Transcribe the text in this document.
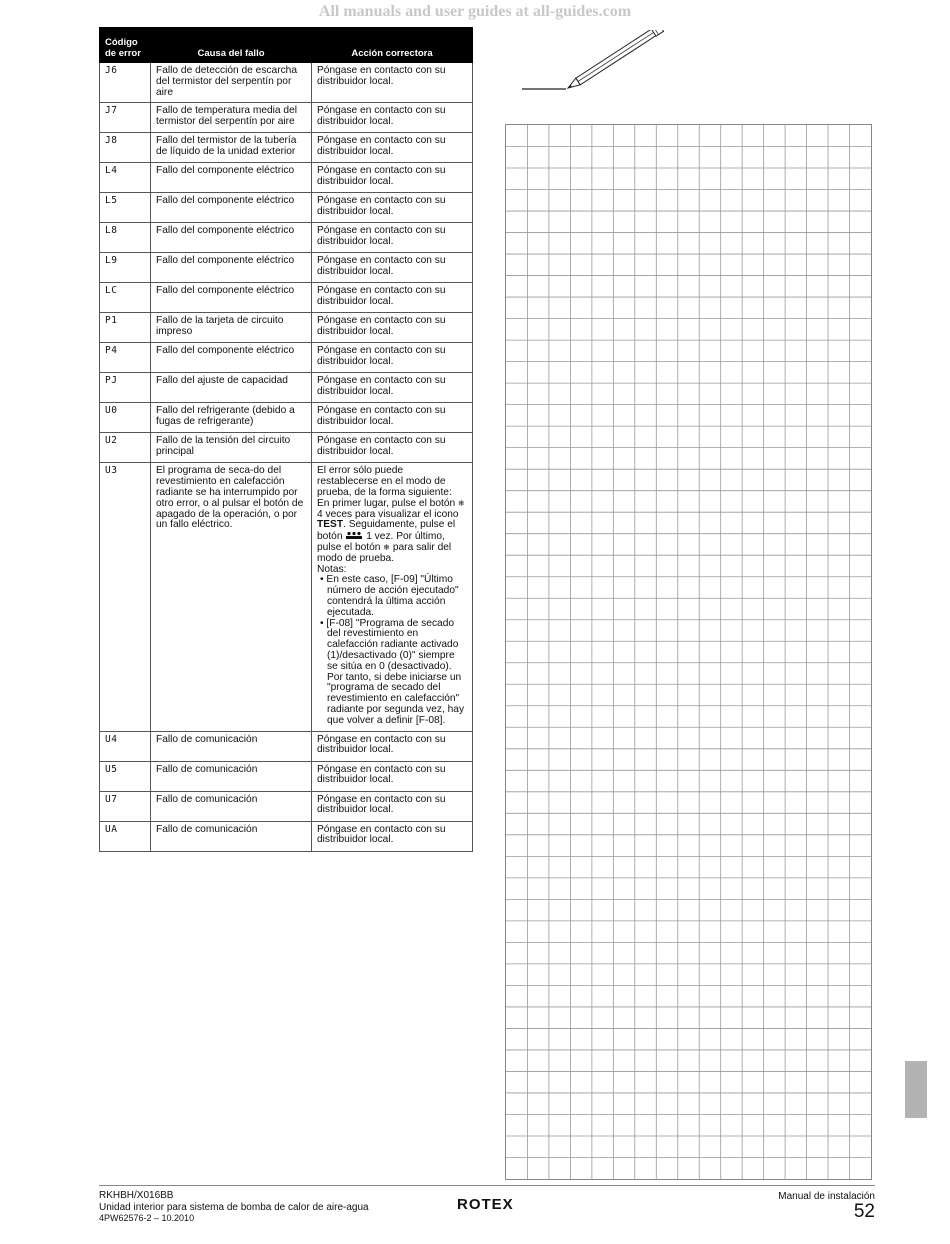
All manuals and user guides at all-guides.com
Código
de error	Causa del fallo	Acción correctora
J6	Fallo de detección de escarcha del termistor del serpentín por aire	Póngase en contacto con su distribuidor local.
J7	Fallo de temperatura media del termistor del serpentín por aire	Póngase en contacto con su distribuidor local.
J8	Fallo del termistor de la tubería de líquido de la unidad exterior	Póngase en contacto con su distribuidor local.
L4	Fallo del componente eléctrico	Póngase en contacto con su distribuidor local.
L5	Fallo del componente eléctrico	Póngase en contacto con su distribuidor local.
L8	Fallo del componente eléctrico	Póngase en contacto con su distribuidor local.
L9	Fallo del componente eléctrico	Póngase en contacto con su distribuidor local.
LC	Fallo del componente eléctrico	Póngase en contacto con su distribuidor local.
P1	Fallo de la tarjeta de circuito impreso	Póngase en contacto con su distribuidor local.
P4	Fallo del componente eléctrico	Póngase en contacto con su distribuidor local.
PJ	Fallo del ajuste de capacidad	Póngase en contacto con su distribuidor local.
U0	Fallo del refrigerante (debido a fugas de refrigerante)	Póngase en contacto con su distribuidor local.
U2	Fallo de la tensión del circuito principal	Póngase en contacto con su distribuidor local.
U3	El programa de seca-do del revestimiento en calefacción radiante se ha interrumpido por otro error, o al pulsar el botón de apagado de la operación, o por un fallo eléctrico.	El error sólo puede restablecerse en el modo de prueba, de la forma siguiente: En primer lugar, pulse el botón ❄ 4 veces para visualizar el icono TEST. Seguidamente, pulse el botón 1 vez. Por último, pulse el botón ❄ para salir del modo de prueba.
Notas:
• En este caso, [F-09] "Último número de acción ejecutado" contendrá la última acción ejecutada.
• [F-08] "Programa de secado del revestimiento en calefacción radiante activado (1)/desactivado (0)" siempre se sitúa en 0 (desactivado). Por tanto, si debe iniciarse un "programa de secado del revestimiento en calefacción" radiante por segunda vez, hay que volver a definir [F-08].

U4	Fallo de comunicación	Póngase en contacto con su distribuidor local.
U5	Fallo de comunicación	Póngase en contacto con su distribuidor local.
U7	Fallo de comunicación	Póngase en contacto con su distribuidor local.
UA	Fallo de comunicación	Póngase en contacto con su distribuidor local.
RKHBH/X016BB
Unidad interior para sistema de bomba de calor de aire-agua
4PW62576-2 – 10.2010
ROTEX	Manual de instalación
52
